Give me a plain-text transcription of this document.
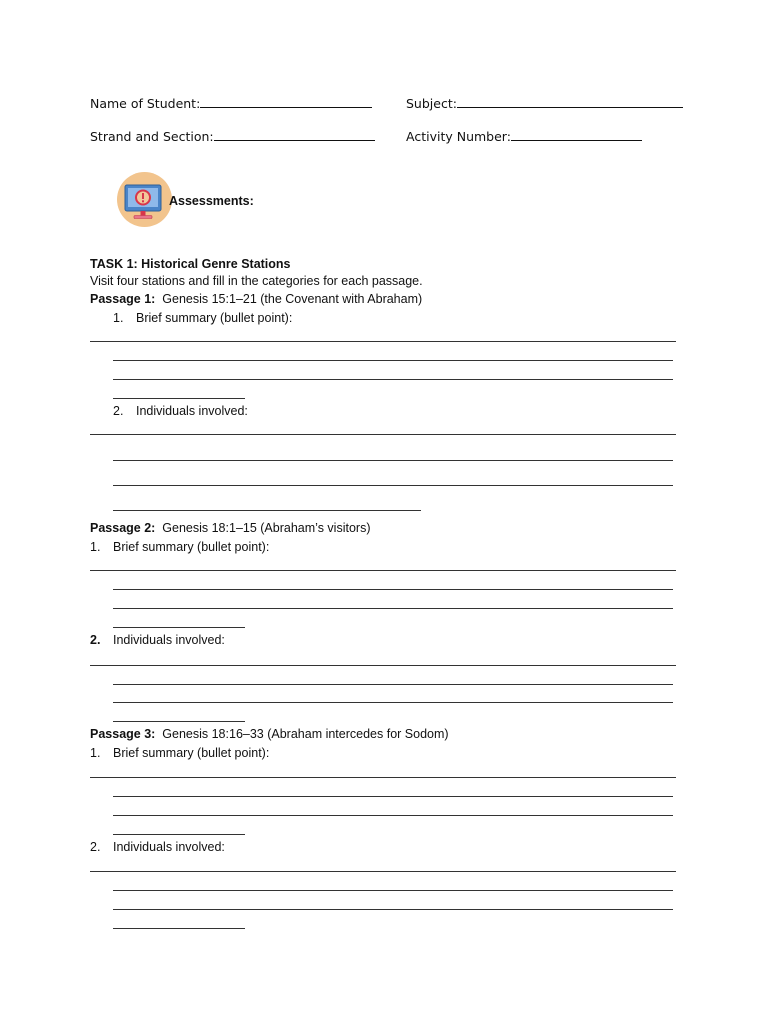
Name of Student:	Subject:
Strand and Section:	Activity Number:
Assessments:
TASK 1: Historical Genre Stations
Visit four stations and fill in the categories for each passage.
Passage 1: Genesis 15:1–21 (the Covenant with Abraham)
1. Brief summary (bullet point):
2. Individuals involved:
Passage 2: Genesis 18:1–15 (Abraham’s visitors)
1. Brief summary (bullet point):
2. Individuals involved:
Passage 3: Genesis 18:16–33 (Abraham intercedes for Sodom)
1. Brief summary (bullet point):
2. Individuals involved:
